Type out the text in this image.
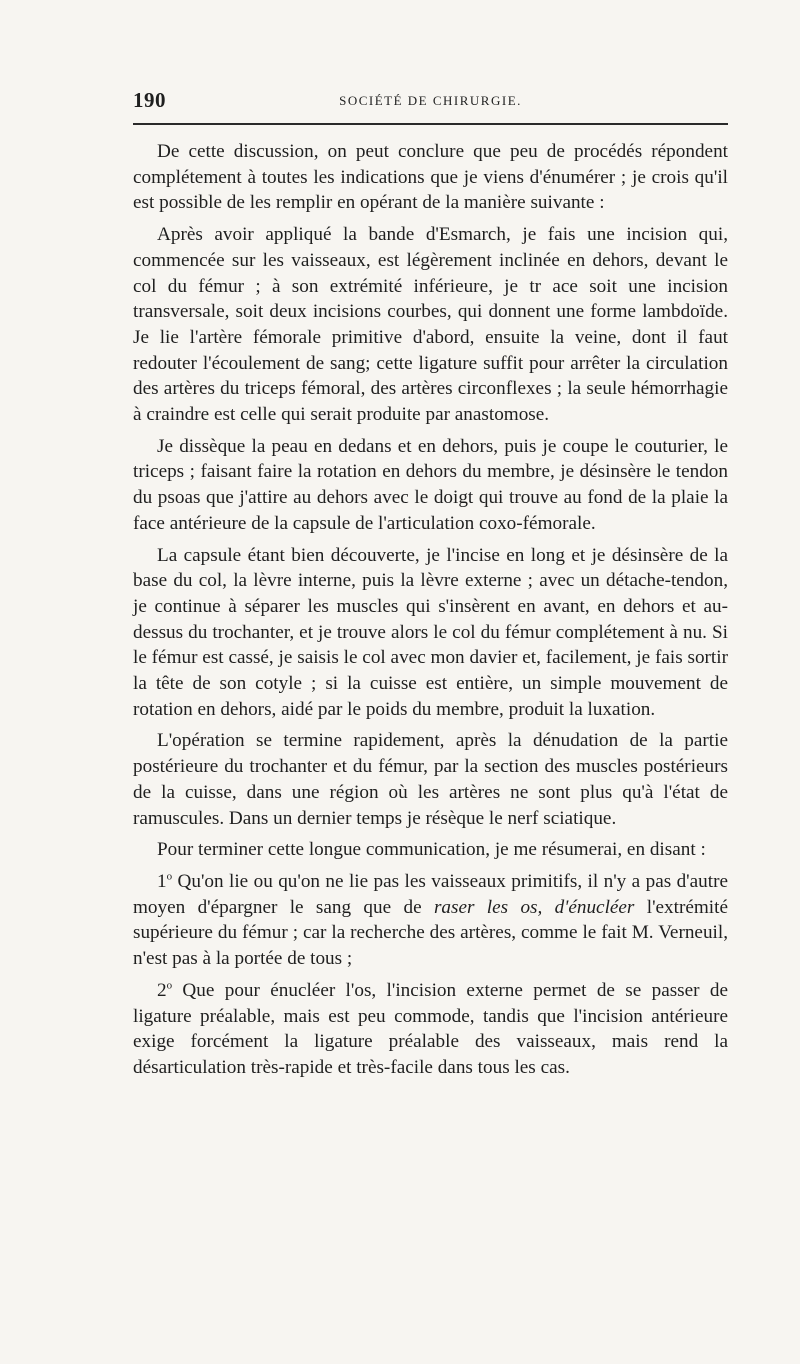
190	SOCIÉTÉ DE CHIRURGIE.

De cette discussion, on peut conclure que peu de procédés répondent complétement à toutes les indications que je viens d'énumérer ; je crois qu'il est possible de les remplir en opérant de la manière suivante :

Après avoir appliqué la bande d'Esmarch, je fais une incision qui, commencée sur les vaisseaux, est légèrement inclinée en dehors, devant le col du fémur ; à son extrémité inférieure, je tr ace soit une incision transversale, soit deux incisions courbes, qui donnent une forme lambdoïde. Je lie l'artère fémorale primitive d'abord, ensuite la veine, dont il faut redouter l'écoulement de sang; cette ligature suffit pour arrêter la circulation des artères du triceps fémoral, des artères circonflexes ; la seule hémorrhagie à craindre est celle qui serait produite par anastomose.

Je dissèque la peau en dedans et en dehors, puis je coupe le couturier, le triceps ; faisant faire la rotation en dehors du membre, je désinsère le tendon du psoas que j'attire au dehors avec le doigt qui trouve au fond de la plaie la face antérieure de la capsule de l'articulation coxo-fémorale.

La capsule étant bien découverte, je l'incise en long et je désinsère de la base du col, la lèvre interne, puis la lèvre externe ; avec un détache-tendon, je continue à séparer les muscles qui s'insèrent en avant, en dehors et au-dessus du trochanter, et je trouve alors le col du fémur complétement à nu. Si le fémur est cassé, je saisis le col avec mon davier et, facilement, je fais sortir la tête de son cotyle ; si la cuisse est entière, un simple mouvement de rotation en dehors, aidé par le poids du membre, produit la luxation.

L'opération se termine rapidement, après la dénudation de la partie postérieure du trochanter et du fémur, par la section des muscles postérieurs de la cuisse, dans une région où les artères ne sont plus qu'à l'état de ramuscules. Dans un dernier temps je résèque le nerf sciatique.

Pour terminer cette longue communication, je me résumerai, en disant :

1$^o$ Qu'on lie ou qu'on ne lie pas les vaisseaux primitifs, il n'y a pas d'autre moyen d'épargner le sang que de raser les os, d'énucléer l'extrémité supérieure du fémur ; car la recherche des artères, comme le fait M. Verneuil, n'est pas à la portée de tous ;

2$^o$ Que pour énucléer l'os, l'incision externe permet de se passer de ligature préalable, mais est peu commode, tandis que l'incision antérieure exige forcément la ligature préalable des vaisseaux, mais rend la désarticulation très-rapide et très-facile dans tous les cas.
